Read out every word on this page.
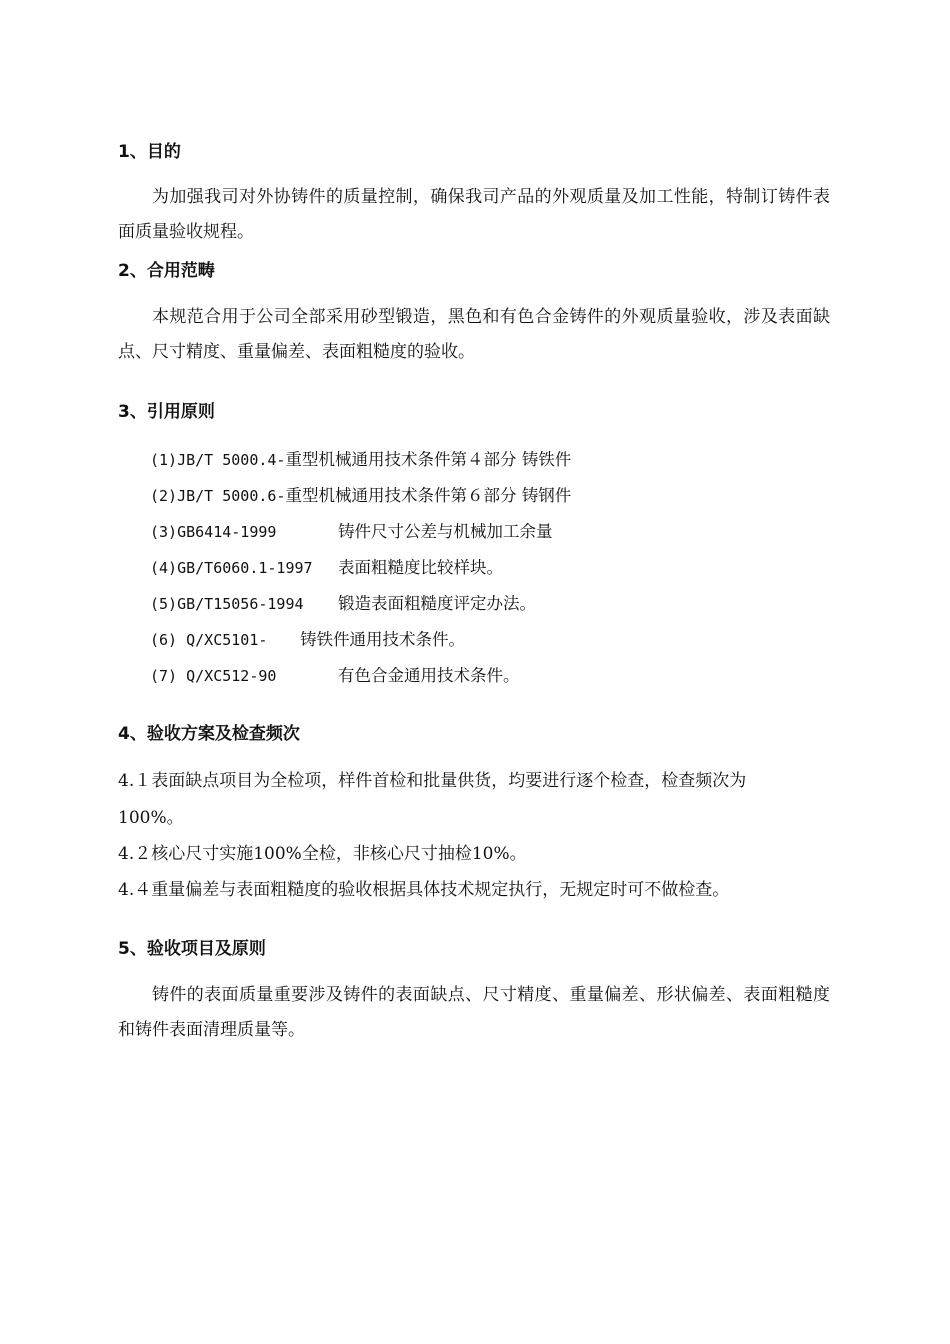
1、目的
为加强我司对外协铸件的质量控制，确保我司产品的外观质量及加工性能，特制订铸件表面质量验收规程。
2、合用范畴
本规范合用于公司全部采用砂型锻造，黑色和有色合金铸件的外观质量验收，涉及表面缺点、尺寸精度、重量偏差、表面粗糙度的验收。
3、引用原则
(1)JB/T 5000.4-重型机械通用技术条件第４部分 铸铁件
(2)JB/T 5000.6-重型机械通用技术条件第６部分 铸钢件
(3)GB6414-1999	铸件尺寸公差与机械加工余量
(4)GB/T6060.1-1997 表面粗糙度比较样块。
(5)GB/T15056-1994 锻造表面粗糙度评定办法。
(6) Q/XC5101- 铸铁件通用技术条件。
(7) Q/XC512-90	有色合金通用技术条件。
4、验收方案及检查频次
4.１表面缺点项目为全检项，样件首检和批量供货，均要进行逐个检查，检查频次为
100%。
4.２核心尺寸实施100%全检，非核心尺寸抽检10%。
4.４重量偏差与表面粗糙度的验收根据具体技术规定执行，无规定时可不做检查。
5、验收项目及原则
铸件的表面质量重要涉及铸件的表面缺点、尺寸精度、重量偏差、形状偏差、表面粗糙度和铸件表面清理质量等。
